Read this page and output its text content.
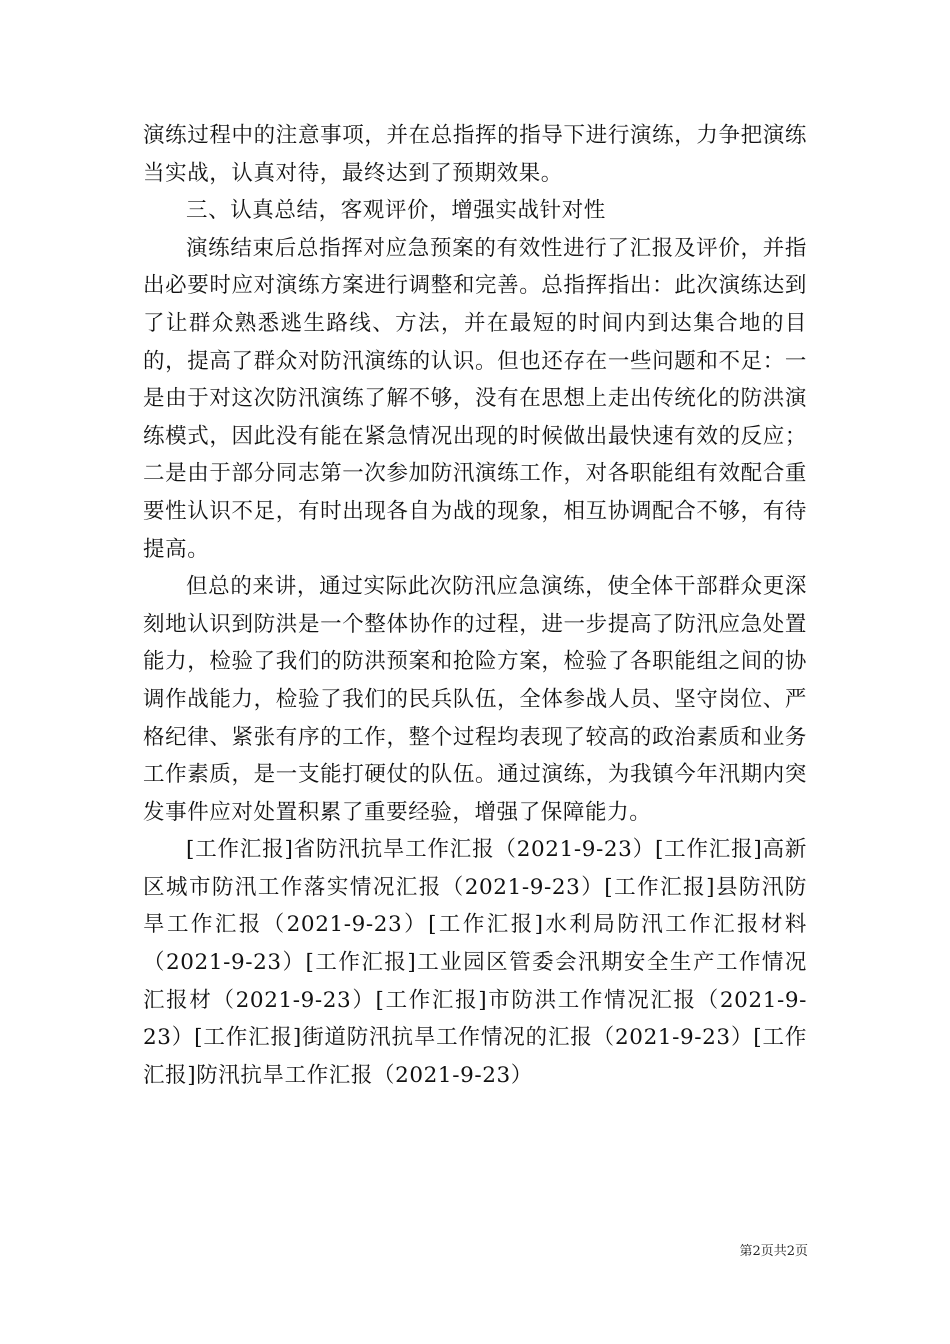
演练过程中的注意事项，并在总指挥的指导下进行演练，力争把演练当实战，认真对待，最终达到了预期效果。

三、认真总结，客观评价，增强实战针对性

演练结束后总指挥对应急预案的有效性进行了汇报及评价，并指出必要时应对演练方案进行调整和完善。总指挥指出：此次演练达到了让群众熟悉逃生路线、方法，并在最短的时间内到达集合地的目的，提高了群众对防汛演练的认识。但也还存在一些问题和不足：一是由于对这次防汛演练了解不够，没有在思想上走出传统化的防洪演练模式，因此没有能在紧急情况出现的时候做出最快速有效的反应；二是由于部分同志第一次参加防汛演练工作，对各职能组有效配合重要性认识不足，有时出现各自为战的现象，相互协调配合不够，有待提高。

但总的来讲，通过实际此次防汛应急演练，使全体干部群众更深刻地认识到防洪是一个整体协作的过程，进一步提高了防汛应急处置能力，检验了我们的防洪预案和抢险方案，检验了各职能组之间的协调作战能力，检验了我们的民兵队伍，全体参战人员、坚守岗位、严格纪律、紧张有序的工作，整个过程均表现了较高的政治素质和业务工作素质，是一支能打硬仗的队伍。通过演练，为我镇今年汛期内突发事件应对处置积累了重要经验，增强了保障能力。

[工作汇报]省防汛抗旱工作汇报（2021-9-23）[工作汇报]高新区城市防汛工作落实情况汇报（2021-9-23）[工作汇报]县防汛防旱工作汇报（2021-9-23）[工作汇报]水利局防汛工作汇报材料（2021-9-23）[工作汇报]工业园区管委会汛期安全生产工作情况汇报材（2021-9-23）[工作汇报]市防洪工作情况汇报（2021-9-23）[工作汇报]街道防汛抗旱工作情况的汇报（2021-9-23）[工作汇报]防汛抗旱工作汇报（2021-9-23）

第2页共2页
